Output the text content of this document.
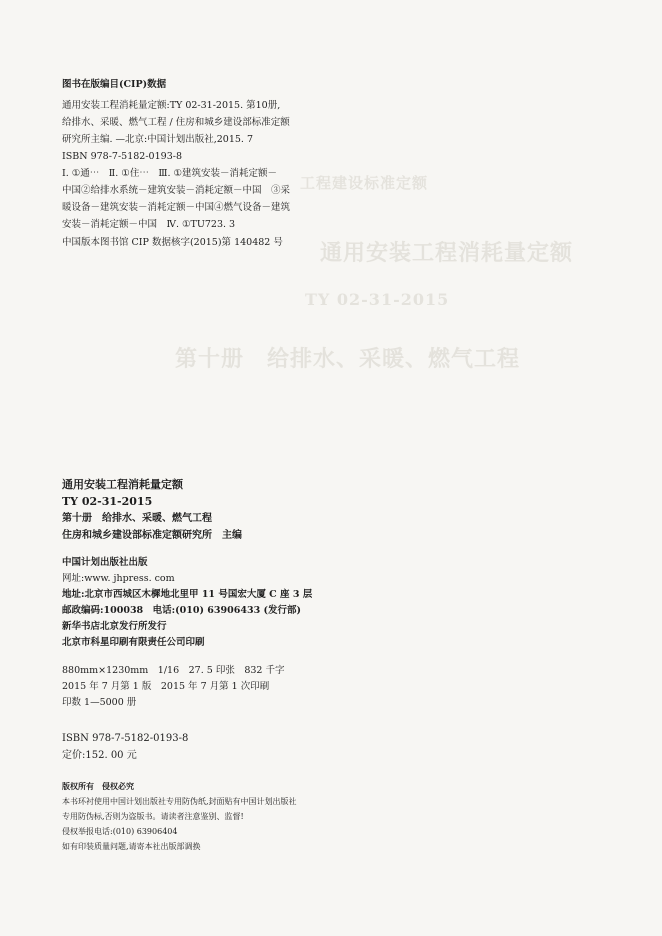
工程建设标准定额
通用安装工程消耗量定额
TY 02-31-2015
第十册　给排水、采暖、燃气工程
图书在版编目(CIP)数据
通用安装工程消耗量定额:TY 02-31-2015. 第10册,
给排水、采暖、燃气工程 / 住房和城乡建设部标准定额
研究所主编. —北京:中国计划出版社,2015. 7
ISBN 978-7-5182-0193-8
Ⅰ. ①通⋯　Ⅱ. ①住⋯　Ⅲ. ①建筑安装－消耗定额－
中国②给排水系统－建筑安装－消耗定额－中国　③采
暖设备－建筑安装－消耗定额－中国④燃气设备－建筑
安装－消耗定额－中国　Ⅳ. ①TU723. 3
中国版本图书馆 CIP 数据核字(2015)第 140482 号
通用安装工程消耗量定额
TY 02-31-2015
第十册　给排水、采暖、燃气工程
住房和城乡建设部标准定额研究所　主编
中国计划出版社出版
网址:www. jhpress. com
地址:北京市西城区木樨地北里甲 11 号国宏大厦 C 座 3 层
邮政编码:100038　电话:(010) 63906433 (发行部)
新华书店北京发行所发行
北京市科星印刷有限责任公司印刷
880mm×1230mm　1/16　27. 5 印张　832 千字
2015 年 7 月第 1 版　2015 年 7 月第 1 次印刷
印数 1—5000 册
ISBN 978-7-5182-0193-8
定价:152. 00 元
版权所有　侵权必究
本书环衬使用中国计划出版社专用防伪纸,封面贴有中国计划出版社
专用防伪标,否则为盗版书。请读者注意鉴别、监督!
侵权举报电话:(010) 63906404
如有印装质量问题,请寄本社出版部调换
